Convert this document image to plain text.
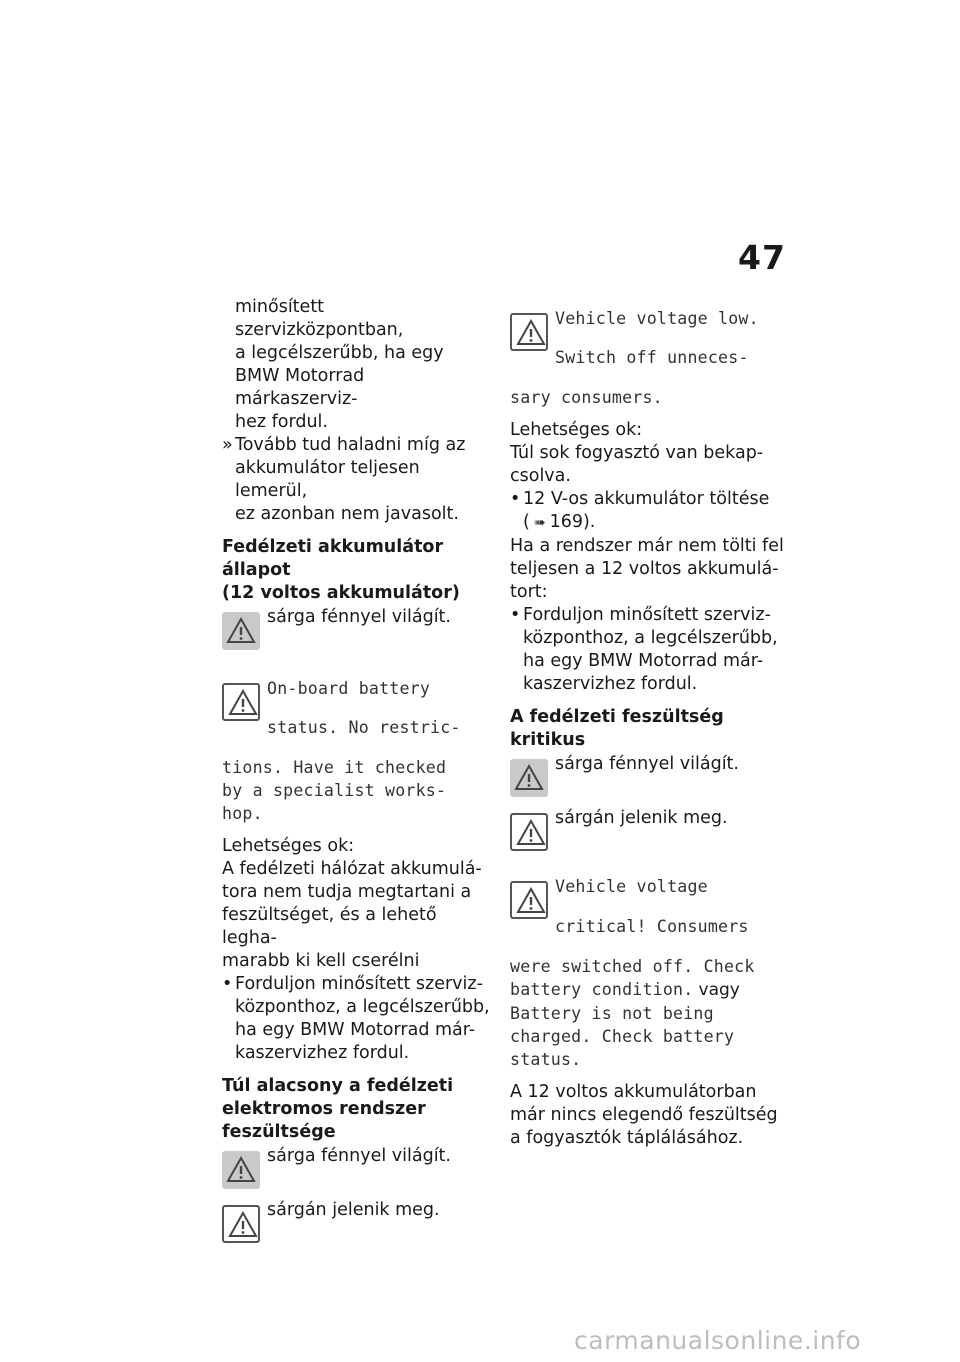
47

minősített szervizközpontban,

a legcélszerűbb, ha egy

BMW Motorrad márkaszerviz-

hez fordul.

» Tovább tud haladni míg az

akkumulátor teljesen lemerül,

ez azonban nem javasolt.

Fedélzeti akkumulátor állapot

(12 voltos akkumulátor)

sárga fénnyel világít.

On-board battery

status. No restric-

tions. Have it checked

by a specialist works-

hop.

Lehetséges ok:

A fedélzeti hálózat akkumulá-

tora nem tudja megtartani a

feszültséget, és a lehető legha-

marabb ki kell cserélni

• Forduljon minősített szerviz-

központhoz, a legcélszerűbb,

ha egy BMW Motorrad már-

kaszervizhez fordul.

Túl alacsony a fedélzeti

elektromos rendszer

feszültsége

sárga fénnyel világít.

sárgán jelenik meg.

Vehicle voltage low.

Switch off unneces-

sary consumers.

Lehetséges ok:

Túl sok fogyasztó van bekap-

csolva.

• 12 V-os akkumulátor töltése

( ➠ 169).

Ha a rendszer már nem tölti fel

teljesen a 12 voltos akkumulá-

tort:

• Forduljon minősített szerviz-

központhoz, a legcélszerűbb,

ha egy BMW Motorrad már-

kaszervizhez fordul.

A fedélzeti feszültség kritikus

sárga fénnyel világít.

sárgán jelenik meg.

Vehicle voltage

critical! Consumers

were switched off. Check

battery condition. vagy

Battery is not being

charged. Check battery

status.

A 12 voltos akkumulátorban

már nincs elegendő feszültség

a fogyasztók táplálásához.

carmanualsonline.info
